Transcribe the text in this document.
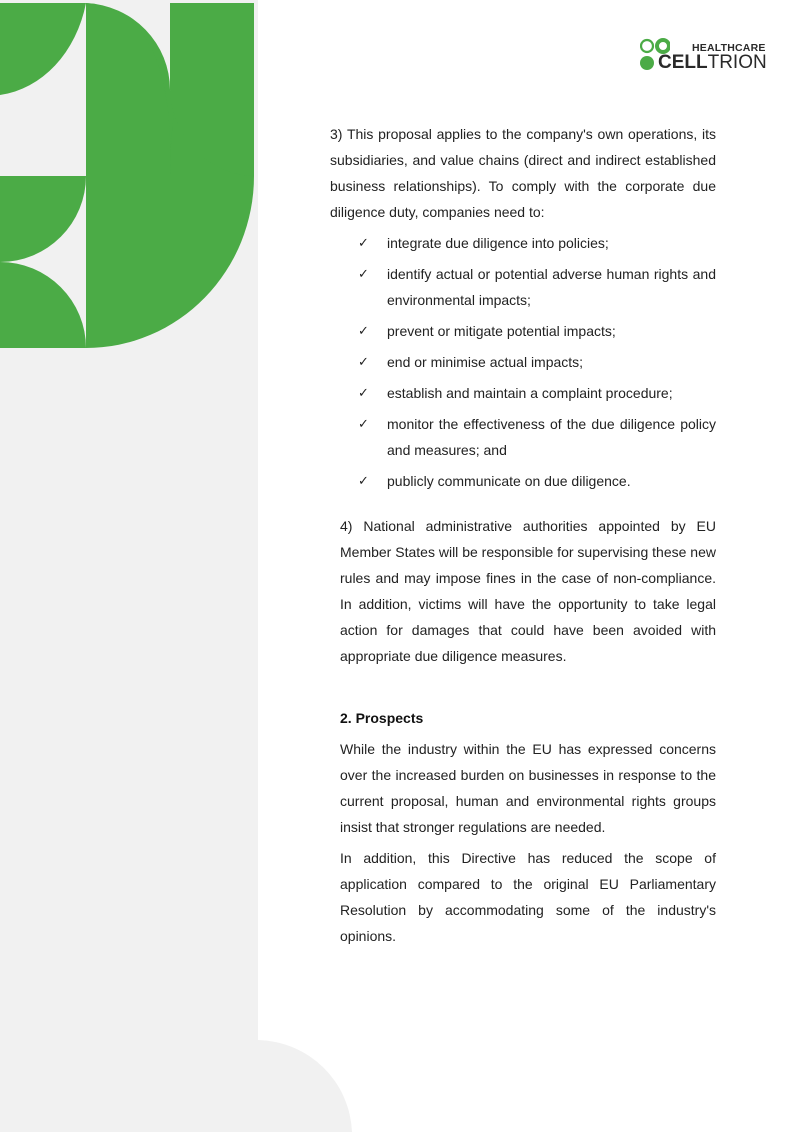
HEALTHCARE
CELLTRION

3) This proposal applies to the company's own operations, its subsidiaries, and value chains (direct and indirect established business relationships). To comply with the corporate due diligence duty, companies need to:

✓ integrate due diligence into policies;
✓ identify actual or potential adverse human rights and environmental impacts;
✓ prevent or mitigate potential impacts;
✓ end or minimise actual impacts;
✓ establish and maintain a complaint procedure;
✓ monitor the effectiveness of the due diligence policy and measures; and
✓ publicly communicate on due diligence.

4) National administrative authorities appointed by EU Member States will be responsible for supervising these new rules and may impose fines in the case of non-compliance. In addition, victims will have the opportunity to take legal action for damages that could have been avoided with appropriate due diligence measures.

2. Prospects

While the industry within the EU has expressed concerns over the increased burden on businesses in response to the current proposal, human and environmental rights groups insist that stronger regulations are needed.

In addition, this Directive has reduced the scope of application compared to the original EU Parliamentary Resolution by accommodating some of the industry's opinions.
